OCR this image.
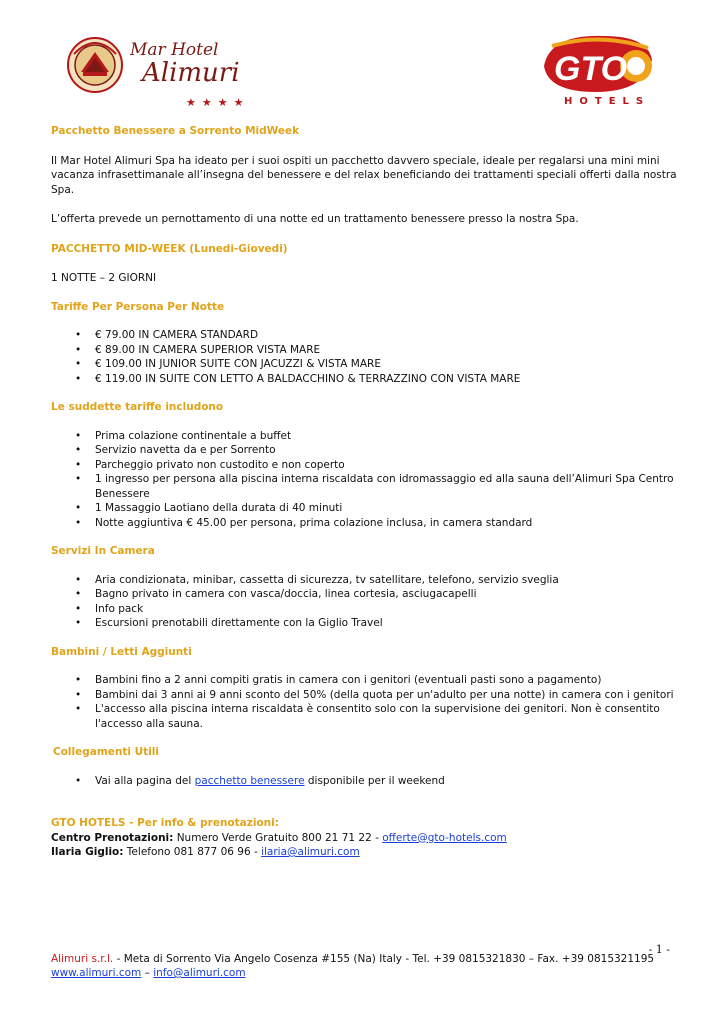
Mar Hotel
Alimuri
★★★★
GTO
HOTELS

Pacchetto Benessere a Sorrento MidWeek

Il Mar Hotel Alimuri Spa ha ideato per i suoi ospiti un pacchetto davvero speciale, ideale per regalarsi una mini mini vacanza infrasettimanale all’insegna del benessere e del relax beneficiando dei trattamenti speciali offerti dalla nostra Spa.

L’offerta prevede un pernottamento di una notte ed un trattamento benessere presso la nostra Spa.

PACCHETTO MID-WEEK (Lunedi-Giovedi)

1 NOTTE – 2 GIORNI

Tariffe Per Persona Per Notte

• € 79.00 IN CAMERA STANDARD
• € 89.00 IN CAMERA SUPERIOR VISTA MARE
• € 109.00 IN JUNIOR SUITE CON JACUZZI & VISTA MARE
• € 119.00 IN SUITE CON LETTO A BALDACCHINO & TERRAZZINO CON VISTA MARE

Le suddette tariffe includono

• Prima colazione continentale a buffet
• Servizio navetta da e per Sorrento
• Parcheggio privato non custodito e non coperto
• 1 ingresso per persona alla piscina interna riscaldata con idromassaggio ed alla sauna dell’Alimuri Spa Centro Benessere
• 1 Massaggio Laotiano della durata di 40 minuti
• Notte aggiuntiva € 45.00 per persona, prima colazione inclusa, in camera standard

Servizi In Camera

• Aria condizionata, minibar, cassetta di sicurezza, tv satellitare, telefono, servizio sveglia
• Bagno privato in camera con vasca/doccia, linea cortesia, asciugacapelli
• Info pack
• Escursioni prenotabili direttamente con la Giglio Travel

Bambini / Letti Aggiunti

• Bambini fino a 2 anni compiti gratis in camera con i genitori (eventuali pasti sono a pagamento)
• Bambini dai 3 anni ai 9 anni sconto del 50% (della quota per un'adulto per una notte) in camera con i genitori
• L'accesso alla piscina interna riscaldata è consentito solo con la supervisione dei genitori. Non è consentito l'accesso alla sauna.

Collegamenti Utili

• Vai alla pagina del pacchetto benessere disponibile per il weekend

GTO HOTELS - Per info & prenotazioni:

Centro Prenotazioni: Numero Verde Gratuito 800 21 71 22 - offerte@gto-hotels.com

Ilaria Giglio: Telefono 081 877 06 96 - ilaria@alimuri.com

- 1 -
Alimuri s.r.l. - Meta di Sorrento Via Angelo Cosenza #155 (Na) Italy - Tel. +39 0815321830 – Fax. +39 0815321195
www.alimuri.com – info@alimuri.com
